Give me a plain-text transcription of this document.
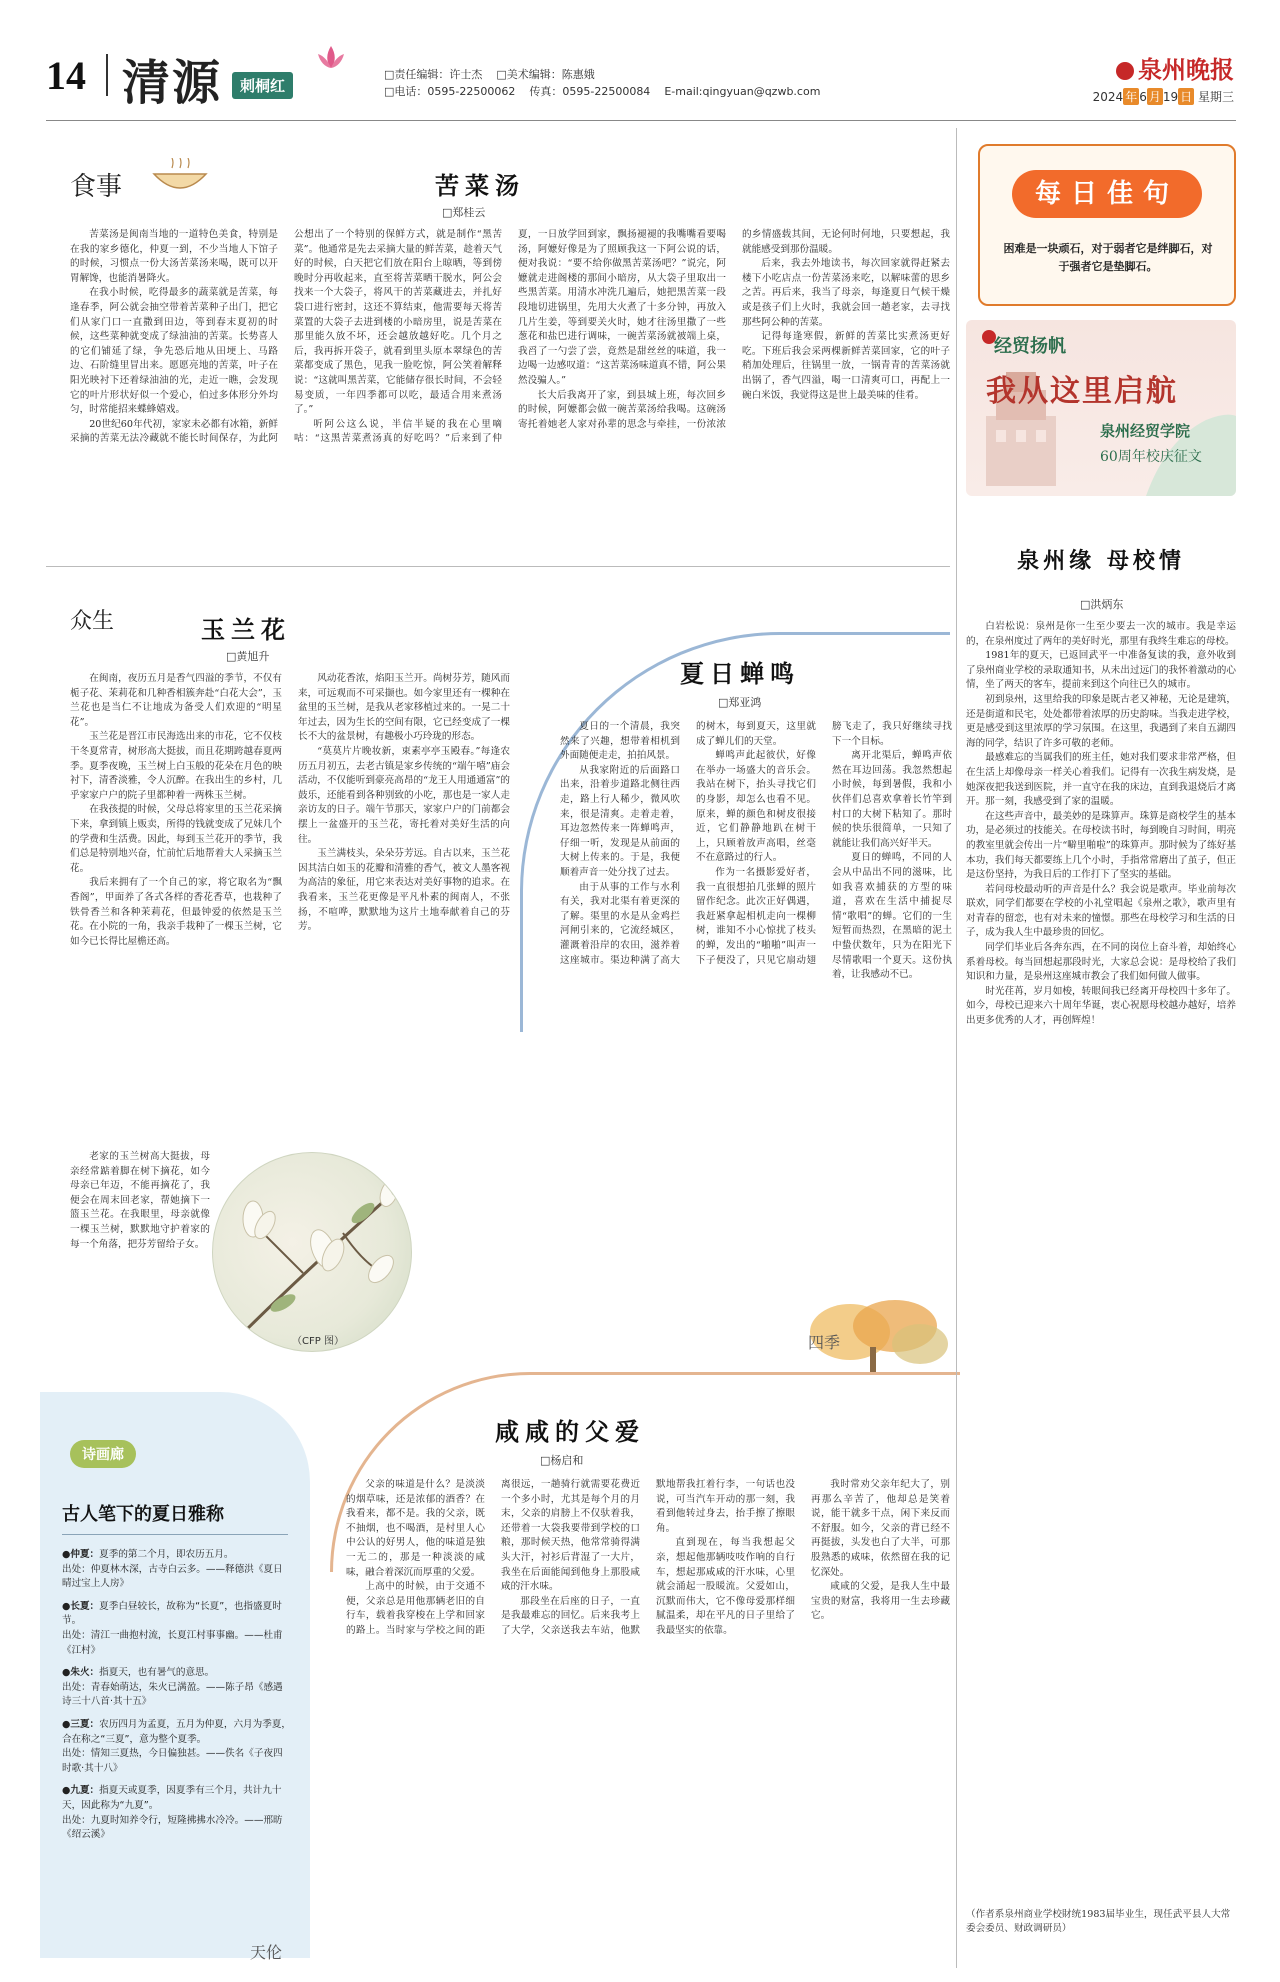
14 清源	刺桐红
□责任编辑：许士杰 □美术编辑：陈惠娥
□电话：0595-22500062 传真：0595-22500084 E-mail:qingyuan@qzwb.com
泉州晚报
2024 年 6 月 19 日 星期三
食事	苦菜汤
□郑桂云

苦菜汤是闽南当地的一道特色美食，特别是在我的家乡德化，仲夏一到，不少当地人下馆子的时候，习惯点一份大汤苦菜汤来喝，既可以开胃解馋，也能消暑降火。

在我小时候，吃得最多的蔬菜就是苦菜，每逢春季，阿公就会抽空带着苦菜种子出门，把它们从家门口一直撒到田边，等到春末夏初的时候，这些菜种就变成了绿油油的苦菜。长势喜人的它们铺延了绿，争先恐后地从田埂上、马路边、石阶缝里冒出来。愿愿亮地的苦菜，叶子在阳光映衬下还着绿油油的光，走近一瞧，会发现它的叶片形状好似一个爱心，伯过多体形分外均匀，时常能招来蝶蜂嬉戏。

20世纪60年代初，家家未必都有冰箱，新鲜采摘的苦菜无法冷藏就不能长时间保存，为此阿公想出了一个特别的保鲜方式，就是制作“黑苦菜”。他通常是先去采摘大量的鲜苦菜，趁着天气好的时候，白天把它们放在阳台上晾晒，等到傍晚时分再收起来，直至将苦菜晒干脱水，阿公会找来一个大袋子，将风干的苦菜藏进去，并扎好袋口进行密封，这还不算结束，他需要每天将苦菜置的大袋子去进到楼的小暗房里，说是苦菜在那里能久放不坏，还会越放越好吃。几个月之后，我再拆开袋子，就看到里头原本翠绿色的苦菜都变成了黑色，见我一脸吃惊，阿公笑着解释说：“这就叫黑苦菜，它能储存很长时间，不会轻易变质，一年四季都可以吃，最适合用来煮汤了。”

听阿公这么说，半信半疑的我在心里嘀咕：“这黑苦菜煮汤真的好吃吗？”后来到了仲夏，一日放学回到家，飘扬褪褪的我嘴嘴看要喝汤，阿嬷好像是为了照顾我这一下阿公说的话，便对我说：“要不给你做黑苦菜汤吧？”说完，阿嬷就走进阁楼的那间小暗房，从大袋子里取出一些黑苦菜。用清水冲洗几遍后，她把黑苦菜一段段地切进锅里，先用大火煮了十多分钟，再放入几片生姜，等到要关火时，她才往汤里撒了一些葱花和盐巴进行调味，一碗苦菜汤就被端上桌，我舀了一勺尝了尝，竟然是甜丝丝的味道，我一边喝一边感叹道：“这苦菜汤味道真不错，阿公果然没骗人。”

长大后我离开了家，到县城上班，每次回乡的时候，阿嬷都会做一碗苦菜汤给我喝。这碗汤寄托着她老人家对孙辈的思念与牵挂，一份浓浓的乡情盛载其间，无论何时何地，只要想起，我就能感受到那份温暖。

后来，我去外地读书，每次回家就得赶紧去楼下小吃店点一份苦菜汤来吃，以解味蕾的思乡之苦。再后来，我当了母亲，每逢夏日气候干燥或是孩子们上火时，我就会回一趟老家，去寻找那些阿公种的苦菜。

记得每逢寒假，新鲜的苦菜比实煮汤更好吃。下班后我会采两棵新鲜苦菜回家，它的叶子稍加处理后，往锅里一放，一锅青青的苦菜汤就出锅了，香气四溢，喝一口清爽可口，再配上一碗白米饭，我觉得这是世上最美味的佳肴。

众生	玉兰花
□黄旭升

在闽南，夜历五月是香气四溢的季节，不仅有栀子花、茉莉花和几种香相簇奔赴“白花大会”，玉兰花也是当仁不让地成为备受人们欢迎的“明星花”。

玉兰花是晋江市民海选出来的市花，它不仅枝干冬夏常青，树形高大挺拔，而且花期跨越春夏两季。夏季夜晚，玉兰树上白玉般的花朵在月色的映衬下，清香淡雅，令人沉醉。在我出生的乡村，几乎家家户户的院子里都种着一两株玉兰树。

在我孩提的时候，父母总将家里的玉兰花采摘下来，拿到镇上贩卖，所得的钱就变成了兄妹几个的学费和生活费。因此，每到玉兰花开的季节，我们总是特别地兴奋，忙前忙后地帮着大人采摘玉兰花。

我后来拥有了一个自己的家，将它取名为“飘香阁”，甲面养了各式各样的香花香草，也栽种了铁骨香兰和各种茉莉花，但最钟爱的依然是玉兰花。在小院的一角，我亲手栽种了一棵玉兰树，它如今已长得比屋檐还高。

风动花香浓，焰阳玉兰开。尚树芬芳，随风而来，可远观而不可采撷也。如今家里还有一棵种在盆里的玉兰树，是我从老家移植过来的。一晃二十年过去，因为生长的空间有限，它已经变成了一棵长不大的盆景树，有趣极小巧玲珑的形态。

“莫莫片片晚妆新，束素亭亭玉殿春。”每逢农历五月初五，去老古镇是家乡传统的“端午嘻”庙会活动，不仅能听到豪亮高昂的“龙王人用通通富”的鼓乐，还能看到各种别致的小吃，那也是一家人走亲访友的日子。端午节那天，家家户户的门前都会摆上一盆盛开的玉兰花，寄托着对美好生活的向往。

玉兰满枝头，朵朵芬芳远。自古以来，玉兰花因其洁白如玉的花瓣和清雅的香气，被文人墨客视为高洁的象征，用它来表达对美好事物的追求。在我看来，玉兰花更像是平凡朴素的闽南人，不张扬，不喧哗，默默地为这片土地奉献着自己的芬芳。

老家的玉兰树高大挺拔，母亲经常踮着脚在树下摘花，如今母亲已年迈，不能再摘花了，我便会在周末回老家，帮她摘下一篮玉兰花。在我眼里，母亲就像一棵玉兰树，默默地守护着家的每一个角落，把芬芳留给子女。

（CFP 图）
夏日蝉鸣
□郑亚鸿

夏日的一个清晨，我突然来了兴趣，想带着相机到外面随便走走，拍拍风景。

从我家附近的后面路口出来，沿着步道路北侧往西走，路上行人稀少，微风吹来，很是清爽。走着走着，耳边忽然传来一阵蝉鸣声，仔细一听，发现是从前面的大树上传来的。于是，我便顺着声音一处分找了过去。

由于从事的工作与水利有关，我对北渠有着更深的了解。渠里的水是从金鸡拦河闸引来的，它流经城区，灌溉着沿岸的农田，滋养着这座城市。渠边种满了高大的树木，每到夏天，这里就成了蝉儿们的天堂。

蝉鸣声此起彼伏，好像在举办一场盛大的音乐会。我站在树下，抬头寻找它们的身影，却怎么也看不见。原来，蝉的颜色和树皮很接近，它们静静地趴在树干上，只顾着放声高唱，丝毫不在意路过的行人。

作为一名摄影爱好者，我一直很想拍几张蝉的照片留作纪念。此次正好偶遇，我赶紧拿起相机走向一棵柳树，谁知不小心惊扰了枝头的蝉，发出的“啪啪”叫声一下子便没了，只见它扇动翅膀飞走了，我只好继续寻找下一个目标。

离开北渠后，蝉鸣声依然在耳边回荡。我忽然想起小时候，每到暑假，我和小伙伴们总喜欢拿着长竹竿到村口的大树下粘知了。那时候的快乐很简单，一只知了就能让我们高兴好半天。

夏日的蝉鸣，不同的人会从中品出不同的滋味，比如我喜欢捕获的方型的味道，喜欢在生活中捕捉尽情“歌唱”的蝉。它们的一生短暂而热烈，在黑暗的泥土中蛰伏数年，只为在阳光下尽情歌唱一个夏天。这份执着，让我感动不已。

四季
诗画廊
古人笔下的夏日雅称
●仲夏：夏季的第二个月，即农历五月。
出处：仲夏林木深，古寺白云多。——释德洪《夏日晴过宝上人房》
●长夏：夏季白昼较长，故称为“长夏”，也指盛夏时节。
出处：清江一曲抱村流，长夏江村事事幽。——杜甫《江村》
●朱火：指夏天，也有暑气的意思。
出处：青春始萌达，朱火已满盈。——陈子昂《感遇诗三十八首·其十五》
●三夏：农历四月为孟夏，五月为仲夏，六月为季夏，合在称之“三夏”，意为整个夏季。
出处：情知三夏热，今日偏独甚。——佚名《子夜四时歌·其十八》
●九夏：指夏天或夏季，因夏季有三个月，共计九十天，因此称为“九夏”。
出处：九夏时知养令行，短隆拂拂水冷冷。——邢昉《绍云溪》
咸咸的父爱
□杨启和

父亲的味道是什么？是淡淡的烟草味，还是浓郁的酒香？在我看来，都不是。我的父亲，既不抽烟，也不喝酒，是村里人心中公认的好男人，他的味道是独一无二的，那是一种淡淡的咸味，融合着深沉而厚重的父爱。

上高中的时候，由于交通不便，父亲总是用他那辆老旧的自行车，载着我穿梭在上学和回家的路上。当时家与学校之间的距离很远，一趟骑行就需要花费近一个多小时，尤其是每个月的月末，父亲的肩膀上不仅驮着我，还带着一大袋我要带到学校的口粮，那时候天热，他常常骑得满头大汗，衬衫后背湿了一大片，我坐在后面能闻到他身上那股咸咸的汗水味。

那段坐在后座的日子，一直是我最难忘的回忆。后来我考上了大学，父亲送我去车站，他默默地帮我扛着行李，一句话也没说，可当汽车开动的那一刻，我看到他转过身去，抬手擦了擦眼角。

直到现在，每当我想起父亲，想起他那辆吱吱作响的自行车，想起那咸咸的汗水味，心里就会涌起一股暖流。父爱如山，沉默而伟大，它不像母爱那样细腻温柔，却在平凡的日子里给了我最坚实的依靠。

我时常劝父亲年纪大了，别再那么辛苦了，他却总是笑着说，能干就多干点，闲下来反而不舒服。如今，父亲的背已经不再挺拔，头发也白了大半，可那股熟悉的咸味，依然留在我的记忆深处。

咸咸的父爱，是我人生中最宝贵的财富，我将用一生去珍藏它。

天伦
每日佳句
困难是一块顽石，对于弱者它是绊脚石，对于强者它是垫脚石。
经贸扬帆
我从这里启航
泉州经贸学院
60周年校庆征文
泉州缘 母校情
□洪炳东

白岩松说：泉州是你一生至少要去一次的城市。我是幸运的，在泉州度过了两年的美好时光，那里有我终生难忘的母校。

1981年的夏天，已返回武平一中准备复读的我，意外收到了泉州商业学校的录取通知书，从未出过远门的我怀着激动的心情，坐了两天的客车，提前来到这个向往已久的城市。

初到泉州，这里给我的印象是既古老又神秘，无论是建筑，还是街道和民宅，处处都带着浓厚的历史韵味。当我走进学校，更是感受到这里浓厚的学习氛围。在这里，我遇到了来自五湖四海的同学，结识了许多可敬的老师。

最感难忘的当属我们的班主任，她对我们要求非常严格，但在生活上却像母亲一样关心着我们。记得有一次我生病发烧，是她深夜把我送到医院，并一直守在我的床边，直到我退烧后才离开。那一刻，我感受到了家的温暖。

在这些声音中，最美妙的是珠算声。珠算是商校学生的基本功，是必须过的技能关。在母校读书时，每到晚自习时间，明亮的教室里就会传出一片“噼里啪啦”的珠算声。那时候为了练好基本功，我们每天都要练上几个小时，手指常常磨出了茧子，但正是这份坚持，为我日后的工作打下了坚实的基础。

若问母校最动听的声音是什么？我会说是歌声。毕业前每次联欢，同学们都要在学校的小礼堂唱起《泉州之歌》，歌声里有对青春的留恋，也有对未来的憧憬。那些在母校学习和生活的日子，成为我人生中最珍贵的回忆。

同学们毕业后各奔东西，在不同的岗位上奋斗着，却始终心系着母校。每当回想起那段时光，大家总会说：是母校给了我们知识和力量，是泉州这座城市教会了我们如何做人做事。

时光荏苒，岁月如梭，转眼间我已经离开母校四十多年了。如今，母校已迎来六十周年华诞，衷心祝愿母校越办越好，培养出更多优秀的人才，再创辉煌！

（作者系泉州商业学校財统1983届毕业生，现任武平县人大常委会委员、财政调研员）
